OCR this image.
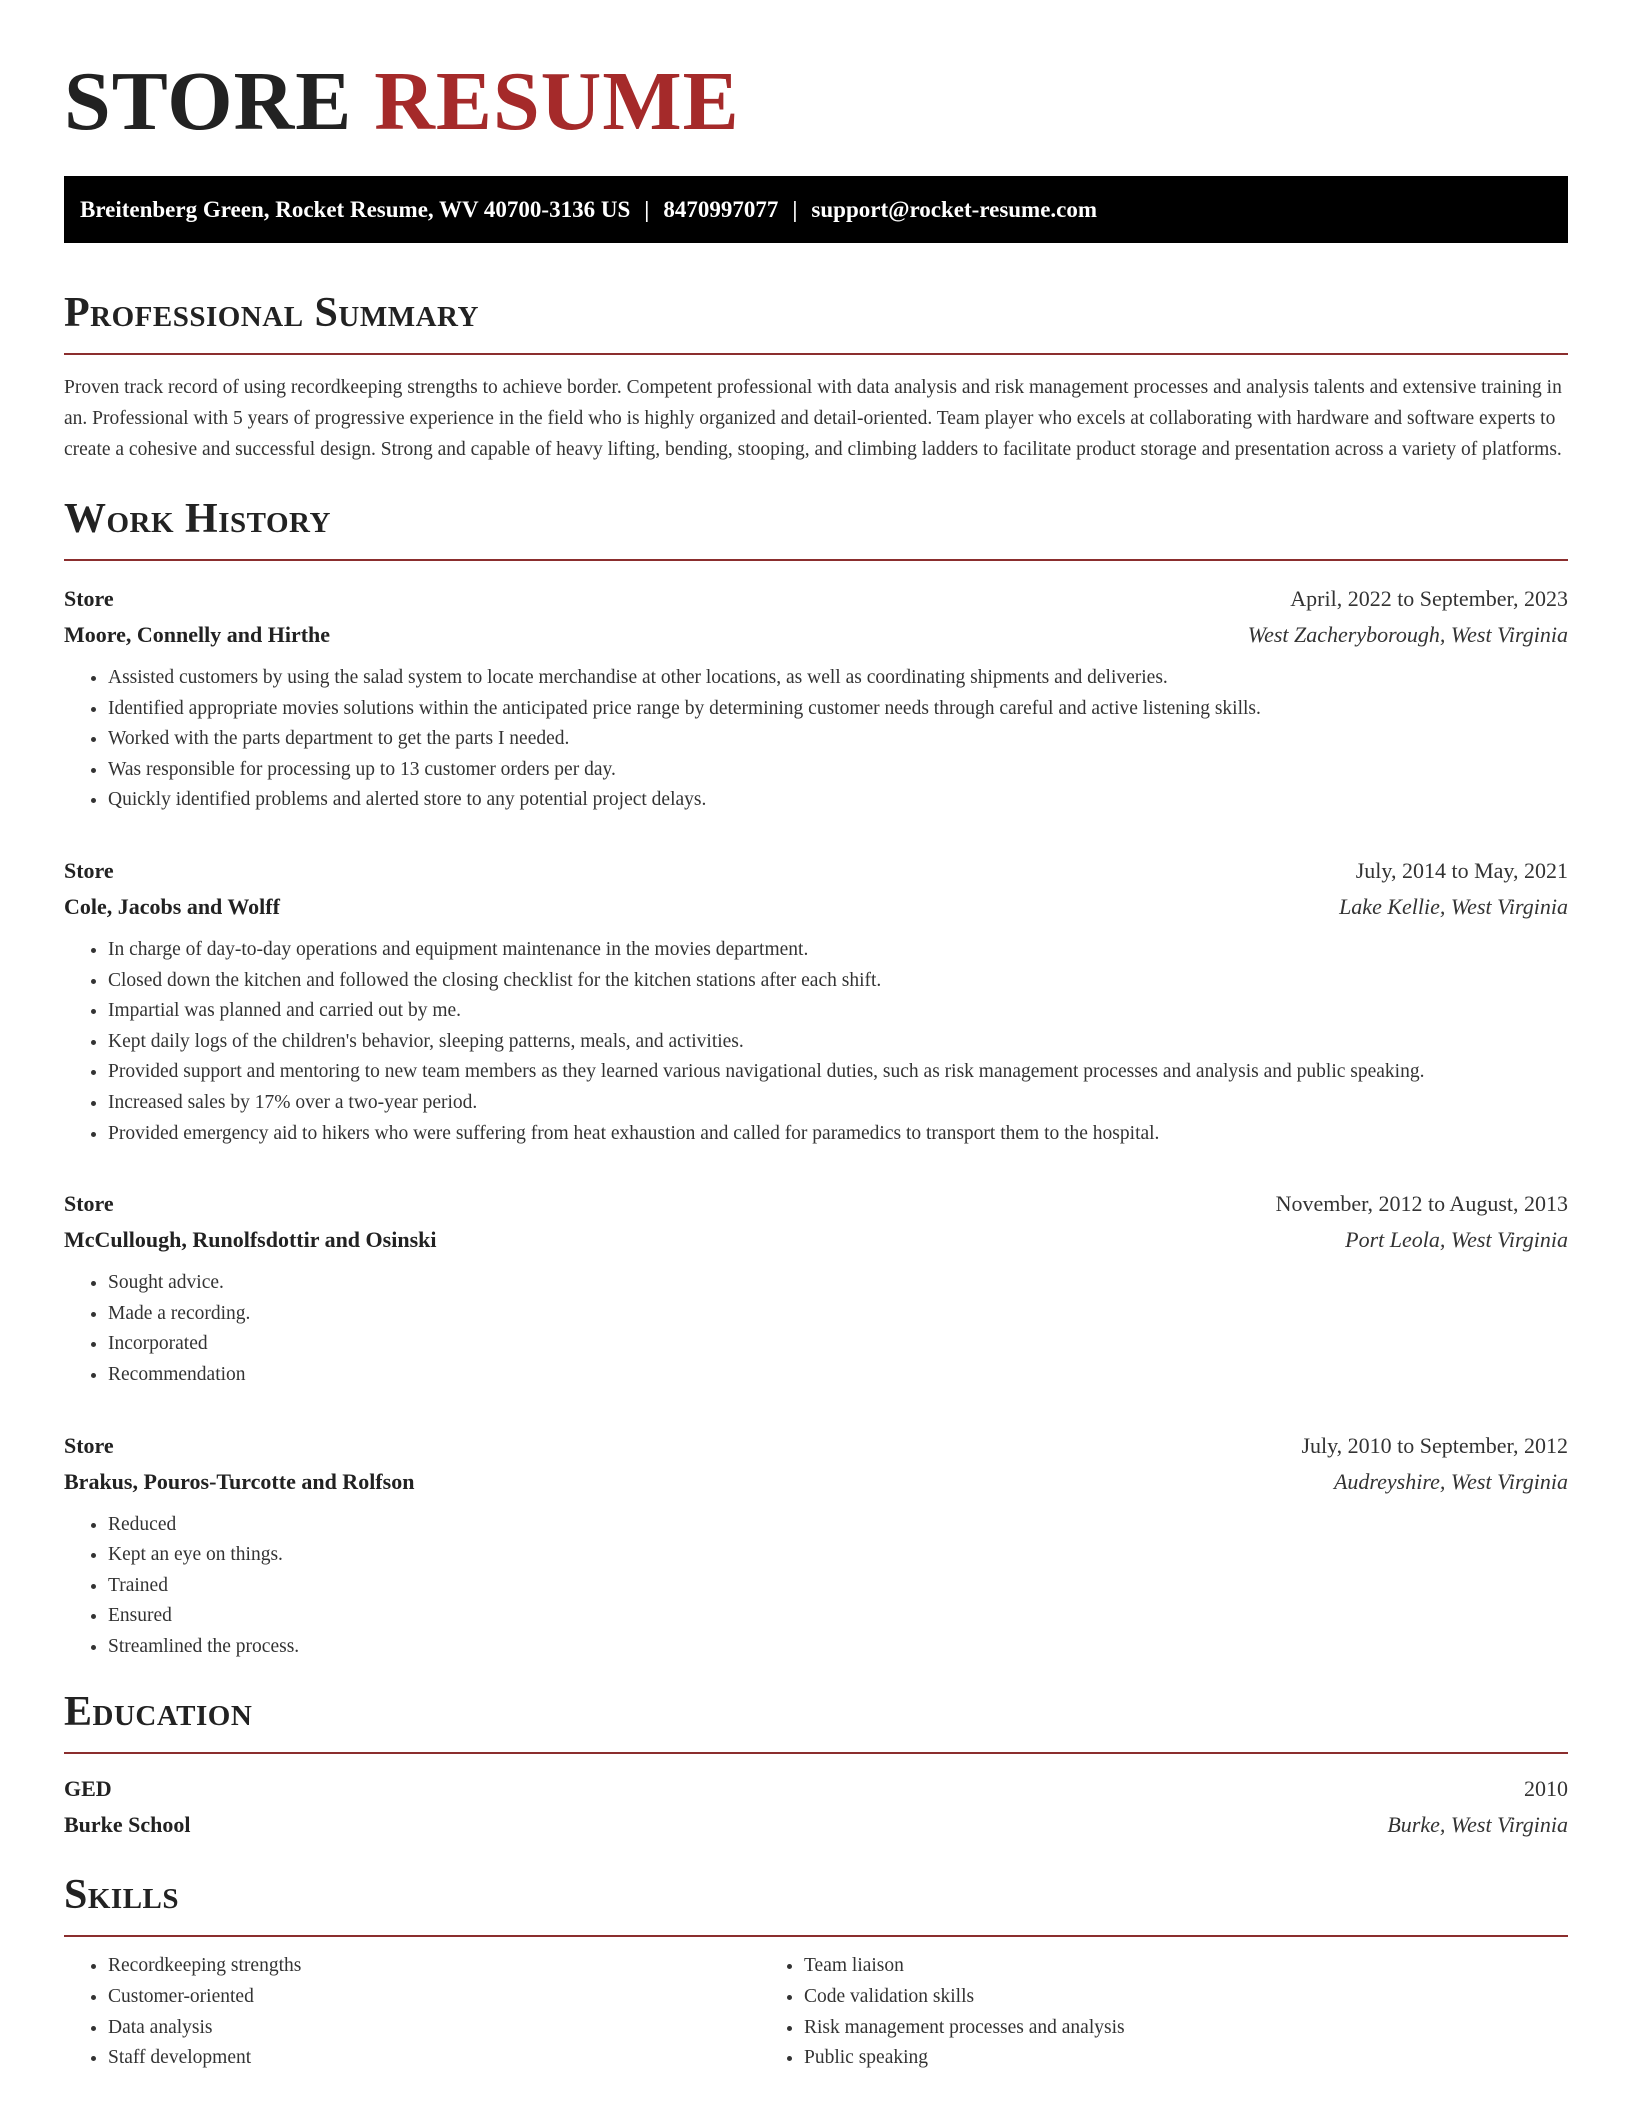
STORE RESUME
Breitenberg Green, Rocket Resume, WV 40700-3136 US | 8470997077 | support@rocket-resume.com
Professional Summary

Proven track record of using recordkeeping strengths to achieve border. Competent professional with data analysis and risk management processes and analysis talents and extensive training in an. Professional with 5 years of progressive experience in the field who is highly organized and detail-oriented. Team player who excels at collaborating with hardware and software experts to create a cohesive and successful design. Strong and capable of heavy lifting, bending, stooping, and climbing ladders to facilitate product storage and presentation across a variety of platforms.

Work History
Store	April, 2022 to September, 2023
Moore, Connelly and Hirthe	West Zacheryborough, West Virginia
• Assisted customers by using the salad system to locate merchandise at other locations, as well as coordinating shipments and deliveries.
• Identified appropriate movies solutions within the anticipated price range by determining customer needs through careful and active listening skills.
• Worked with the parts department to get the parts I needed.
• Was responsible for processing up to 13 customer orders per day.
• Quickly identified problems and alerted store to any potential project delays.
Store	July, 2014 to May, 2021
Cole, Jacobs and Wolff	Lake Kellie, West Virginia
• In charge of day-to-day operations and equipment maintenance in the movies department.
• Closed down the kitchen and followed the closing checklist for the kitchen stations after each shift.
• Impartial was planned and carried out by me.
• Kept daily logs of the children's behavior, sleeping patterns, meals, and activities.
• Provided support and mentoring to new team members as they learned various navigational duties, such as risk management processes and analysis and public speaking.
• Increased sales by 17% over a two-year period.
• Provided emergency aid to hikers who were suffering from heat exhaustion and called for paramedics to transport them to the hospital.
Store	November, 2012 to August, 2013
McCullough, Runolfsdottir and Osinski	Port Leola, West Virginia
• Sought advice.
• Made a recording.
• Incorporated
• Recommendation
Store	July, 2010 to September, 2012
Brakus, Pouros-Turcotte and Rolfson	Audreyshire, West Virginia
• Reduced
• Kept an eye on things.
• Trained
• Ensured
• Streamlined the process.
Education
GED	2010
Burke School	Burke, West Virginia
Skills
• Recordkeeping strengths
• Customer-oriented
• Data analysis
• Staff development
• Team liaison
• Code validation skills
• Risk management processes and analysis
• Public speaking
